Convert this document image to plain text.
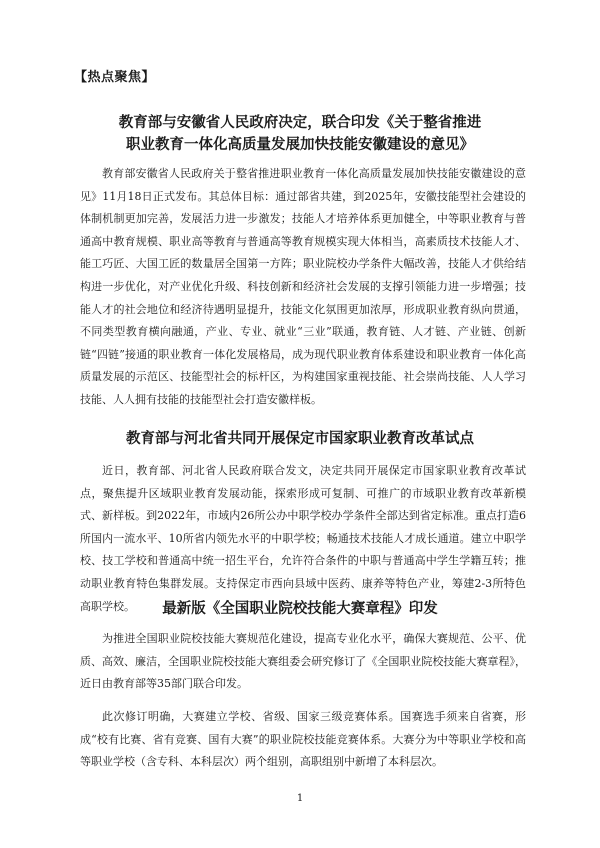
【热点聚焦】
教育部与安徽省人民政府决定，联合印发《关于整省推进
职业教育一体化高质量发展加快技能安徽建设的意见》

教育部安徽省人民政府关于整省推进职业教育一体化高质量发展加快技能安徽建设的意见》11月18日正式发布。其总体目标：通过部省共建，到2025年，安徽技能型社会建设的体制机制更加完善，发展活力进一步激发；技能人才培养体系更加健全，中等职业教育与普通高中教育规模、职业高等教育与普通高等教育规模实现大体相当，高素质技术技能人才、能工巧匠、大国工匠的数量居全国第一方阵；职业院校办学条件大幅改善，技能人才供给结构进一步优化，对产业优化升级、科技创新和经济社会发展的支撑引领能力进一步增强；技能人才的社会地位和经济待遇明显提升，技能文化氛围更加浓厚，形成职业教育纵向贯通，不同类型教育横向融通，产业、专业、就业“三业”联通，教育链、人才链、产业链、创新链“四链”接通的职业教育一体化发展格局，成为现代职业教育体系建设和职业教育一体化高质量发展的示范区、技能型社会的标杆区，为构建国家重视技能、社会崇尚技能、人人学习技能、人人拥有技能的技能型社会打造安徽样板。

教育部与河北省共同开展保定市国家职业教育改革试点

近日，教育部、河北省人民政府联合发文，决定共同开展保定市国家职业教育改革试点，聚焦提升区域职业教育发展动能，探索形成可复制、可推广的市域职业教育改革新模式、新样板。到2022年，市域内26所公办中职学校办学条件全部达到省定标准。重点打造6所国内一流水平、10所省内领先水平的中职学校；畅通技术技能人才成长通道。建立中职学校、技工学校和普通高中统一招生平台，允许符合条件的中职与普通高中学生学籍互转；推动职业教育特色集群发展。支持保定市西向县域中医药、康养等特色产业，筹建2-3所特色高职学校。	最新版《全国职业院校技能大赛章程》印发

为推进全国职业院校技能大赛规范化建设，提高专业化水平，确保大赛规范、公平、优质、高效、廉洁，全国职业院校技能大赛组委会研究修订了《全国职业院校技能大赛章程》，近日由教育部等35部门联合印发。

此次修订明确，大赛建立学校、省级、国家三级竞赛体系。国赛选手须来自省赛，形成“校有比赛、省有竞赛、国有大赛”的职业院校技能竞赛体系。大赛分为中等职业学校和高等职业学校（含专科、本科层次）两个组别，高职组别中新增了本科层次。

1
